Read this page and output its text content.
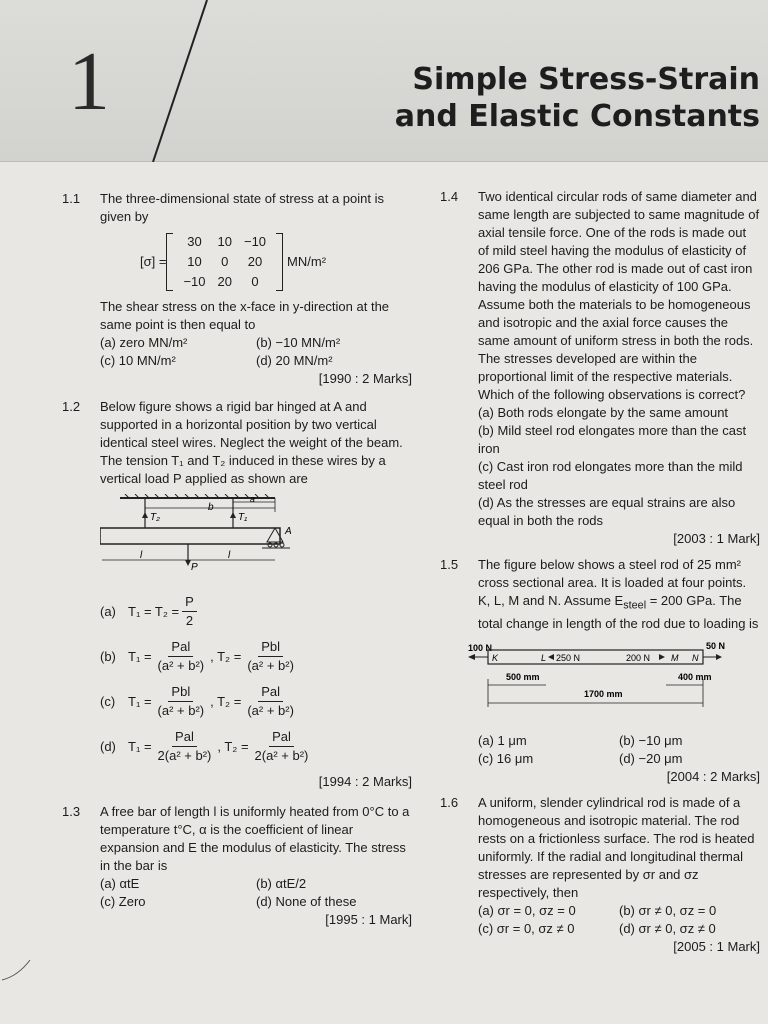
1	Simple Stress-Strain
and Elastic Constants
1.1 The three-dimensional state of stress at a point is given by
[σ] =
30	10	−10
10	0	20
−10	20	0
MN/m²
The shear stress on the x-face in y-direction at the same point is then equal to
(a) zero MN/m²	(b) −10 MN/m²
(c) 10 MN/m²	(d) 20 MN/m²
[1990 : 2 Marks]
1.2 Below figure shows a rigid bar hinged at A and supported in a horizontal position by two vertical identical steel wires. Neglect the weight of the beam. The tension T₁ and T₂ induced in these wires by a vertical load P applied as shown are
T₂	T₁
b
a
A
P
l	l
(a) $T_1 = T_2 = \frac{P}{2}$
(b) $T_1 = \frac{\text{Pal}}{\text{(a² + b²)}}$ , $T_2 = \frac{\text{Pbl}}{\text{(a² + b²)}}$
(c) $T_1 = \frac{\text{Pbl}}{\text{(a² + b²)}}$ , $T_2 = \frac{\text{Pal}}{\text{(a² + b²)}}$
(d) $T_1 = \frac{\text{Pal}}{\text{2(a² + b²)}}$ , $T_2 = \frac{\text{Pal}}{\text{2(a² + b²)}}$
[1994 : 2 Marks]
1.3 A free bar of length l is uniformly heated from 0°C to a temperature t°C, α is the coefficient of linear expansion and E the modulus of elasticity. The stress in the bar is
(a) αtE	(b) αtE/2
(c) Zero	(d) None of these
[1995 : 1 Mark]
1.4 Two identical circular rods of same diameter and same length are subjected to same magnitude of axial tensile force. One of the rods is made out of mild steel having the modulus of elasticity of 206 GPa. The other rod is made out of cast iron having the modulus of elasticity of 100 GPa. Assume both the materials to be homogeneous and isotropic and the axial force causes the same amount of uniform stress in both the rods. The stresses developed are within the proportional limit of the respective materials. Which of the following observations is correct?
(a) Both rods elongate by the same amount
(b) Mild steel rod elongates more than the cast iron
(c) Cast iron rod elongates more than the mild steel rod
(d) As the stresses are equal strains are also equal in both the rods
[2003 : 1 Mark]
1.5 The figure below shows a steel rod of 25 mm² cross sectional area. It is loaded at four points. K, L, M and N. Assume $E_{steel} = 200$ GPa. The total change in length of the rod due to loading is
100 N
K	L 250 N	200 N M N
50 N
500 mm	400 mm
1700 mm
(a) 1 μm	(b) −10 μm
(c) 16 μm	(d) −20 μm
[2004 : 2 Marks]
1.6 A uniform, slender cylindrical rod is made of a homogeneous and isotropic material. The rod rests on a frictionless surface. The rod is heated uniformly. If the radial and longitudinal thermal stresses are represented by σr and σz respectively, then
(a) σr = 0, σz = 0	(b) σr ≠ 0, σz = 0
(c) σr = 0, σz ≠ 0	(d) σr ≠ 0, σz ≠ 0
[2005 : 1 Mark]
